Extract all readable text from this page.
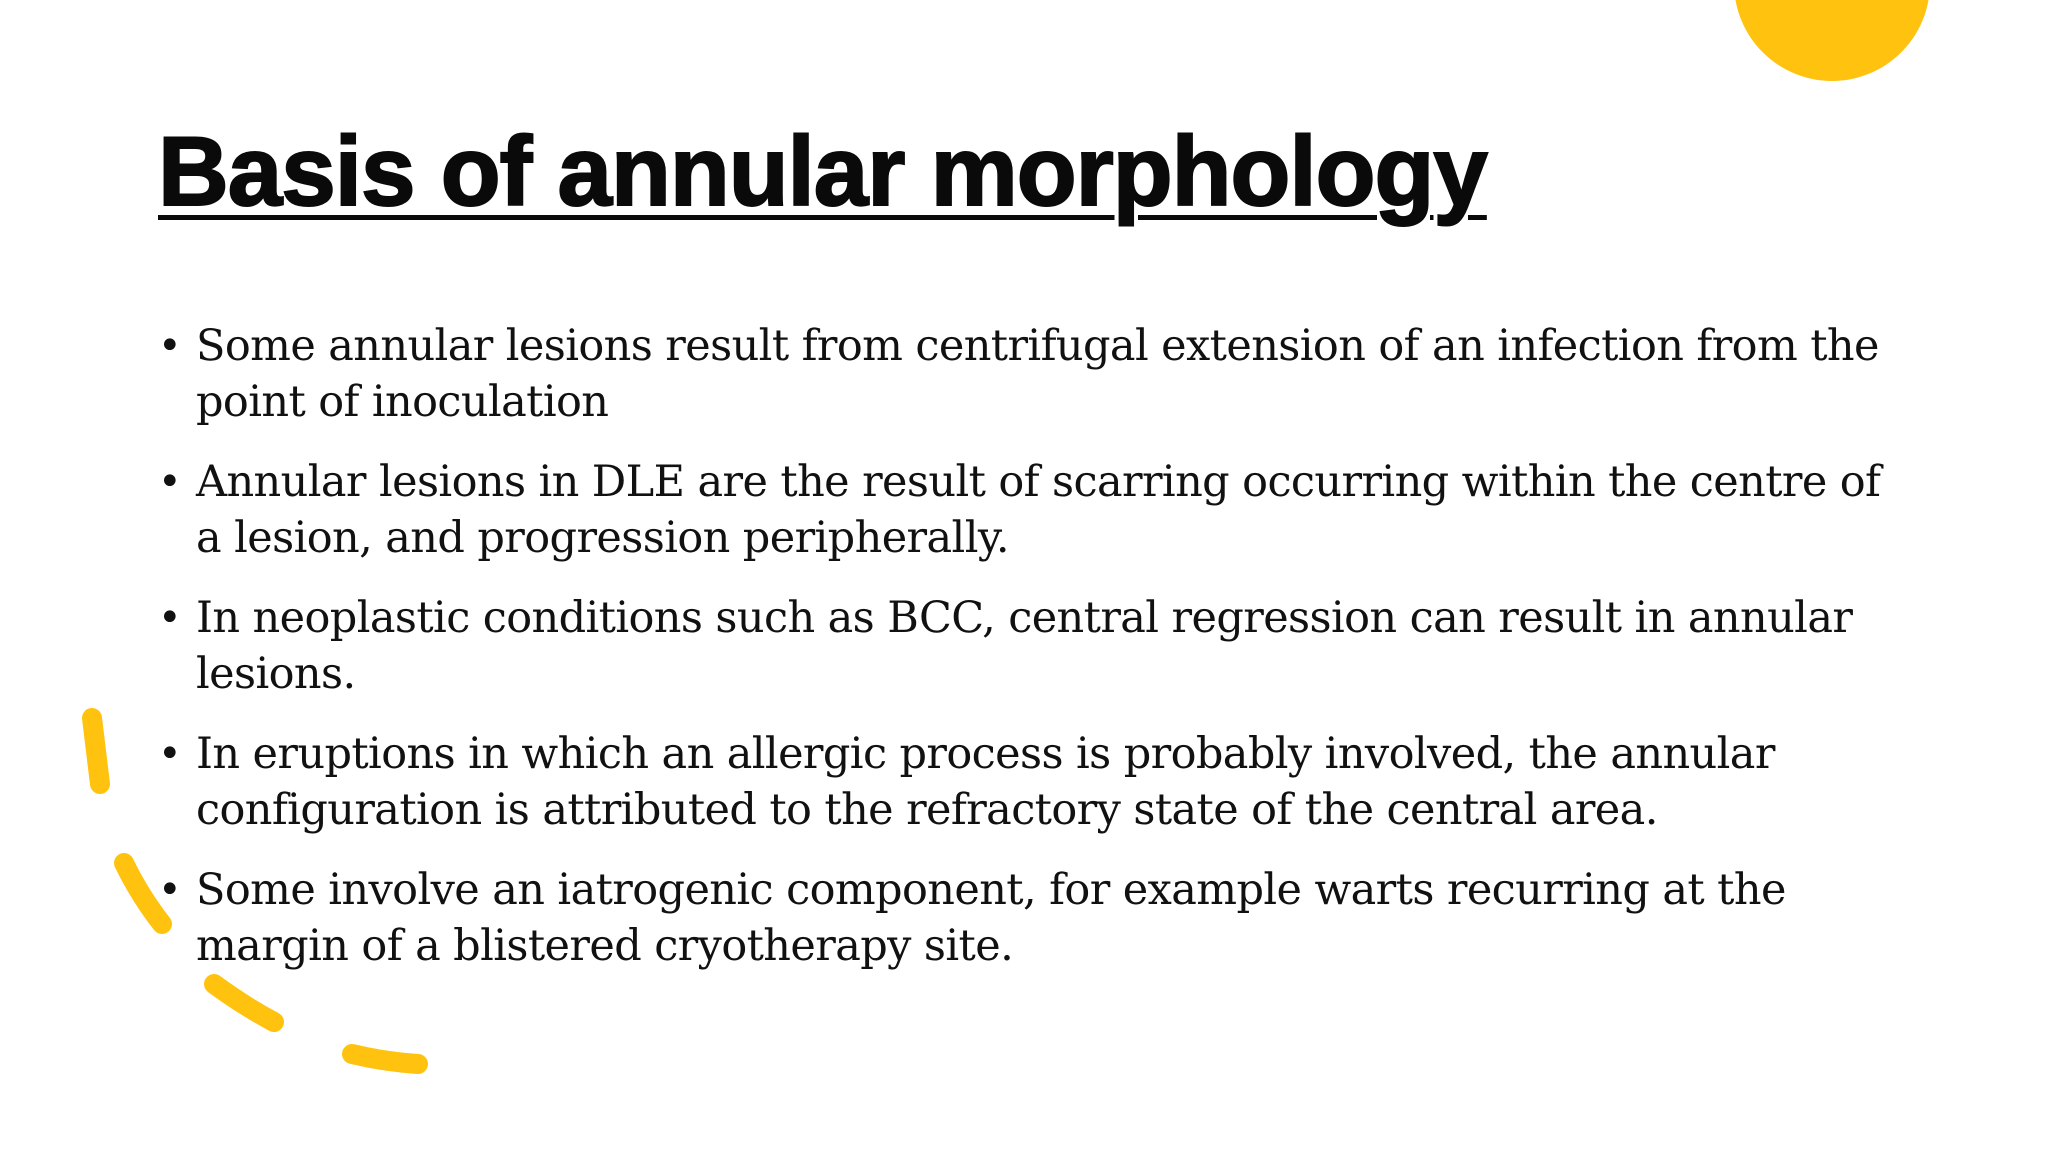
Basis of annular morphology
• Some annular lesions result from centrifugal extension of an infection from the point of inoculation
• Annular lesions in DLE are the result of scarring occurring within the centre of a lesion, and progression peripherally.
• In neoplastic conditions such as BCC, central regression can result in annular lesions.
• In eruptions in which an allergic process is probably involved, the annular configuration is attributed to the refractory state of the central area.
• Some involve an iatrogenic component, for example warts recurring at the margin of a blistered cryotherapy site.
